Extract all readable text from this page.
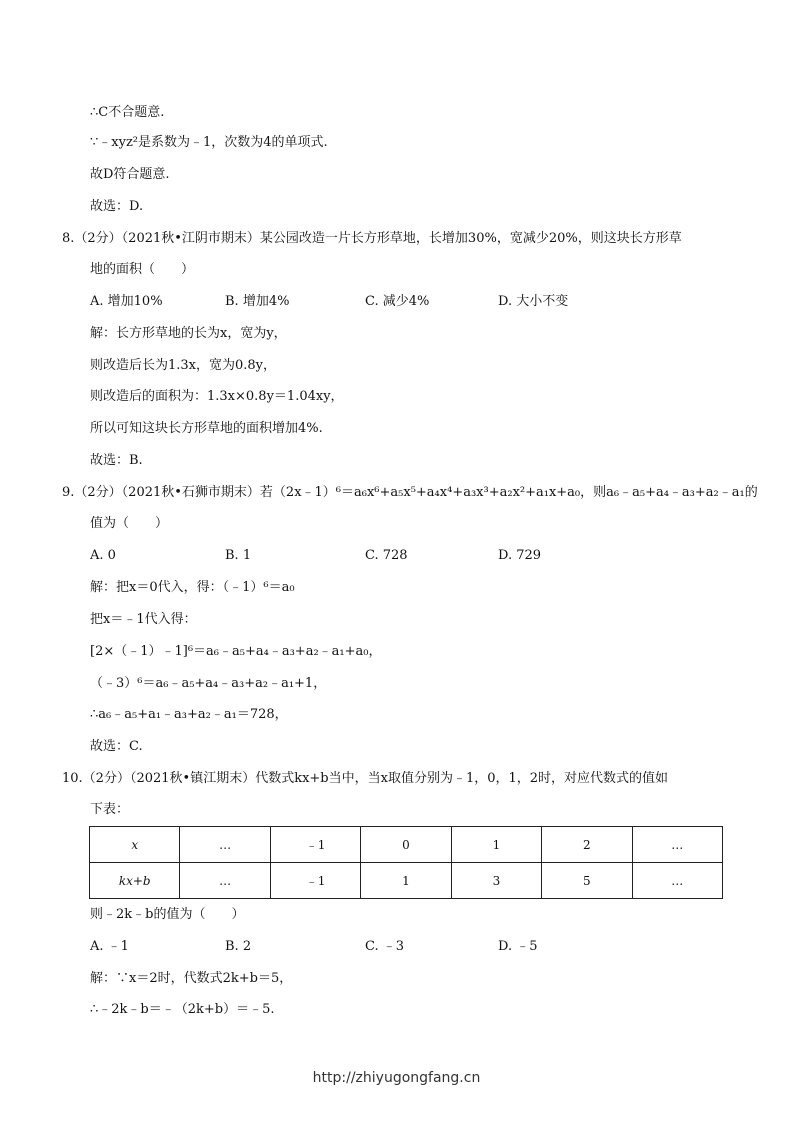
∴C不合题意.
∵﹣xyz²是系数为﹣1，次数为4的单项式.
故D符合题意.
故选：D.
8.（2分）（2021秋•江阴市期末）某公园改造一片长方形草地，长增加30%，宽减少20%，则这块长方形草
地的面积（　　）
A. 增加10%	B. 增加4%	C. 减少4%	D. 大小不变
解：长方形草地的长为x，宽为y，
则改造后长为1.3x，宽为0.8y，
则改造后的面积为：1.3x×0.8y＝1.04xy，
所以可知这块长方形草地的面积增加4%.
故选：B.
9.（2分）（2021秋•石狮市期末）若（2x﹣1）⁶＝a₆x⁶+a₅x⁵+a₄x⁴+a₃x³+a₂x²+a₁x+a₀，则a₆﹣a₅+a₄﹣a₃+a₂﹣a₁的
值为（　　）
A. 0	B. 1	C. 728	D. 729
解：把x＝0代入，得：（﹣1）⁶＝a₀
把x＝﹣1代入得：
[2×（﹣1）﹣1]⁶＝a₆﹣a₅+a₄﹣a₃+a₂﹣a₁+a₀，
（﹣3）⁶＝a₆﹣a₅+a₄﹣a₃+a₂﹣a₁+1，
∴a₆﹣a₅+a₁﹣a₃+a₂﹣a₁＝728，
故选：C.
10.（2分）（2021秋•镇江期末）代数式kx+b当中，当x取值分别为﹣1，0，1，2时，对应代数式的值如
下表：
x	…	﹣1	0	1	2	…
kx+b	…	﹣1	1	3	5	…
则﹣2k﹣b的值为（　　）
A. ﹣1	B. 2	C. ﹣3	D. ﹣5
解：∵x＝2时，代数式2k+b＝5，
∴﹣2k﹣b＝﹣（2k+b）＝﹣5.
http://zhiyugongfang.cn
